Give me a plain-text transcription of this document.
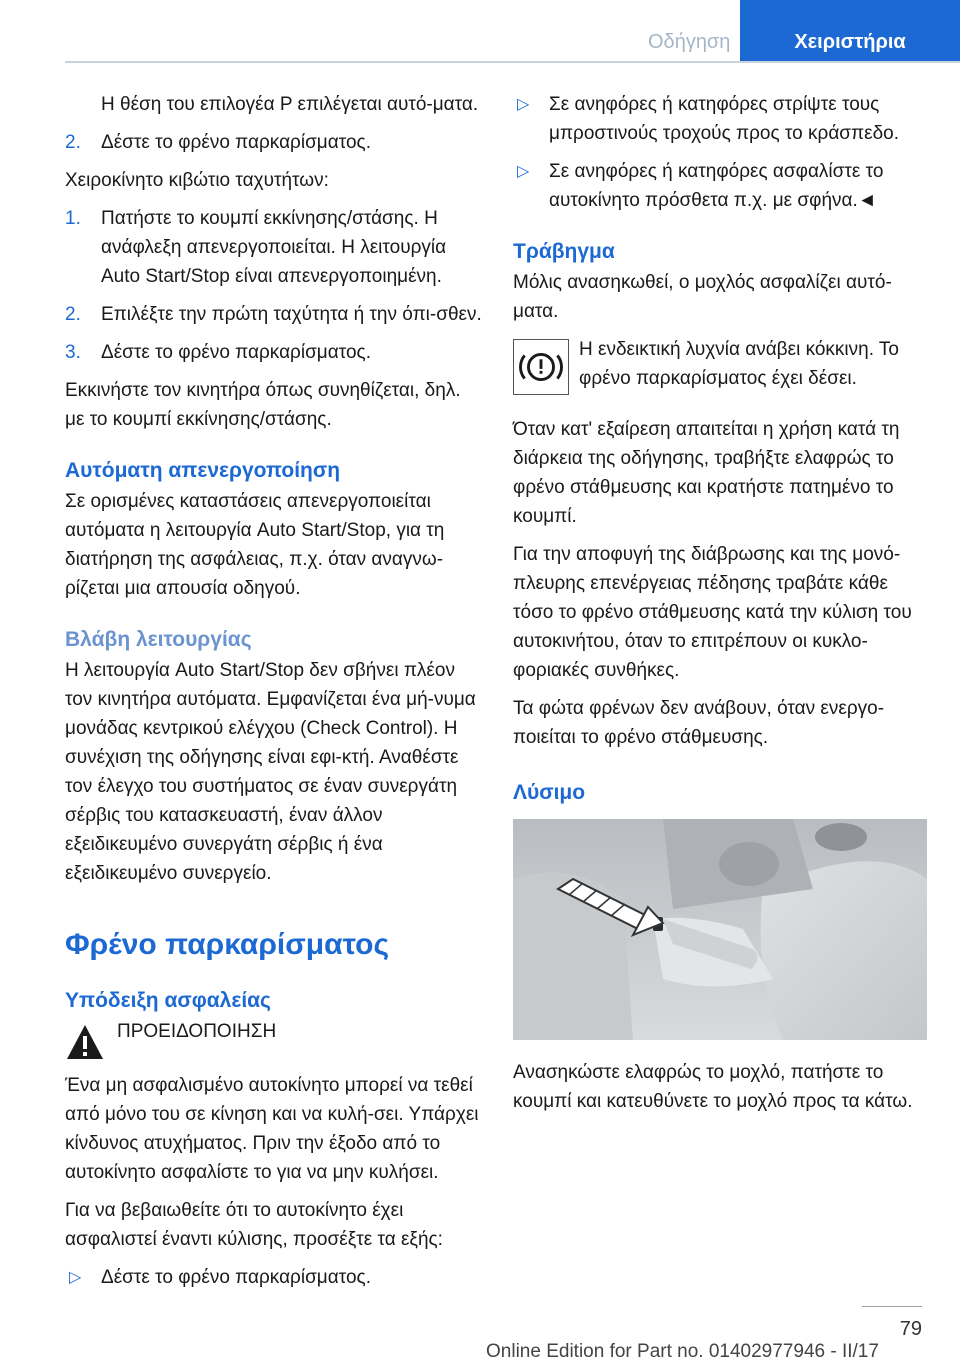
Οδήγηση	Χειριστήρια

Η θέση του επιλογέα P επιλέγεται αυτό-ματα.

2.	Δέστε το φρένο παρκαρίσματος.

Χειροκίνητο κιβώτιο ταχυτήτων:

1.	Πατήστε το κουμπί εκκίνησης/στάσης. Η ανάφλεξη απενεργοποιείται. Η λειτουργία Auto Start/Stop είναι απενεργοποιημένη.
2.	Επιλέξτε την πρώτη ταχύτητα ή την όπι-σθεν.
3.	Δέστε το φρένο παρκαρίσματος.

Εκκινήστε τον κινητήρα όπως συνηθίζεται, δηλ. με το κουμπί εκκίνησης/στάσης.

Αυτόματη απενεργοποίηση

Σε ορισμένες καταστάσεις απενεργοποιείται αυτόματα η λειτουργία Auto Start/Stop, για τη διατήρηση της ασφάλειας, π.χ. όταν αναγνω-ρίζεται μια απουσία οδηγού.

Βλάβη λειτουργίας

Η λειτουργία Auto Start/Stop δεν σβήνει πλέον τον κινητήρα αυτόματα. Εμφανίζεται ένα μή-νυμα μονάδας κεντρικού ελέγχου (Check Control). Η συνέχιση της οδήγησης είναι εφι-κτή. Αναθέστε τον έλεγχο του συστήματος σε έναν συνεργάτη σέρβις του κατασκευαστή, έναν άλλον εξειδικευμένο συνεργάτη σέρβις ή ένα εξειδικευμένο συνεργείο.

Φρένο παρκαρίσματος
Υπόδειξη ασφαλείας

ΠΡΟΕΙΔΟΠΟΙΗΣΗ

Ένα μη ασφαλισμένο αυτοκίνητο μπορεί να τεθεί από μόνο του σε κίνηση και να κυλή-σει. Υπάρχει κίνδυνος ατυχήματος. Πριν την έξοδο από το αυτοκίνητο ασφαλίστε το για να μην κυλήσει.

Για να βεβαιωθείτε ότι το αυτοκίνητο έχει ασφαλιστεί έναντι κύλισης, προσέξτε τα εξής:

▷	Δέστε το φρένο παρκαρίσματος.
▷	Σε ανηφόρες ή κατηφόρες στρίψτε τους μπροστινούς τροχούς προς το κράσπεδο.
▷	Σε ανηφόρες ή κατηφόρες ασφαλίστε το αυτοκίνητο πρόσθετα π.χ. με σφήνα.◄
Τράβηγμα

Μόλις ανασηκωθεί, ο μοχλός ασφαλίζει αυτό-ματα.

Η ενδεικτική λυχνία ανάβει κόκκινη. Το φρένο παρκαρίσματος έχει δέσει.

Όταν κατ' εξαίρεση απαιτείται η χρήση κατά τη διάρκεια της οδήγησης, τραβήξτε ελαφρώς το φρένο στάθμευσης και κρατήστε πατημένο το κουμπί.

Για την αποφυγή της διάβρωσης και της μονό-πλευρης επενέργειας πέδησης τραβάτε κάθε τόσο το φρένο στάθμευσης κατά την κύλιση του αυτοκινήτου, όταν το επιτρέπουν οι κυκλο-φοριακές συνθήκες.

Τα φώτα φρένων δεν ανάβουν, όταν ενεργο-ποιείται το φρένο στάθμευσης.

Λύσιμο

Ανασηκώστε ελαφρώς το μοχλό, πατήστε το κουμπί και κατευθύνετε το μοχλό προς τα κάτω.

79
Online Edition for Part no. 01402977946 - II/17
